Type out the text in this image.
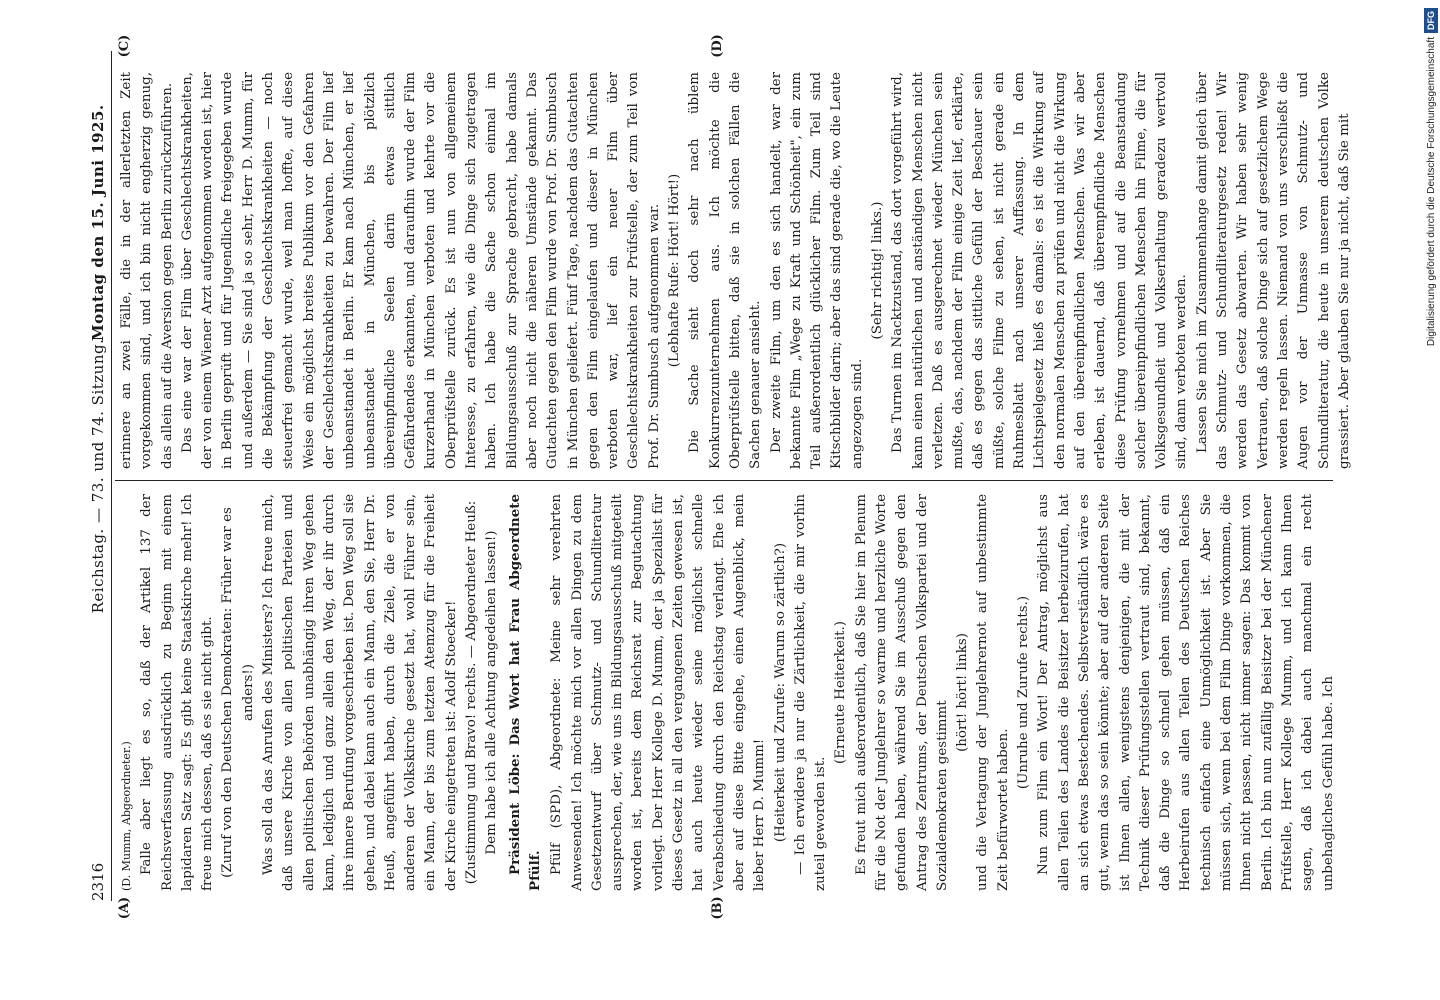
2316
Reichstag. — 73. und 74. Sitzung.
Montag den 15. Juni 1925.
(A)	(B)
(C)	(D)

(D. Mumm, Abgeordneter.) Falle aber liegt es so, daß der Artikel 137 der Reichsverfassung ausdrücklich zu Beginn mit einem lapidaren Satz sagt: Es gibt keine Staatskirche mehr! Ich freue mich dessen, daß es sie nicht gibt. (Zuruf von den Deutschen Demokraten: Früher war es anders!) Was soll da das Anrufen des Ministers? Ich freue mich, daß unsere Kirche von allen politischen Parteien und allen politischen Behörden unabhängig ihren Weg gehen kann, lediglich und ganz allein den Weg, der ihr durch ihre innere Berufung vorgeschrieben ist. Den Weg soll sie gehen, und dabei kann auch ein Mann, den Sie, Herr Dr. Heuß, angeführt haben, durch die Ziele, die er von anderen der Volkskirche gesetzt hat, wohl Führer sein, ein Mann, der bis zum letzten Atemzug für die Freiheit der Kirche eingetreten ist: Adolf Stoecker! (Zustimmung und Bravo! rechts. — Abgeordneter Heuß: Dem habe ich alle Achtung angedeihen lassen!) Präsident Löbe: Das Wort hat Frau Abgeordnete Pfülf. Pfülf (SPD), Abgeordnete: Meine sehr verehrten Anwesenden! Ich möchte mich vor allen Dingen zu dem Gesetzentwurf über Schmutz- und Schundliteratur aussprechen, der, wie uns im Bildungsausschuß mitgeteilt worden ist, bereits dem Reichsrat zur Begutachtung vorliegt. Der Herr Kollege D. Mumm, der ja Spezialist für dieses Gesetz in all den vergangenen Zeiten gewesen ist, hat auch heute wieder seine möglichst schnelle Verabschiedung durch den Reichstag verlangt. Ehe ich aber auf diese Bitte eingehe, einen Augenblick, mein lieber Herr D. Mumm! (Heiterkeit und Zurufe: Warum so zärtlich?) — Ich erwidere ja nur die Zärtlichkeit, die mir vorhin zuteil geworden ist.

(Erneute Heiterkeit.) Es freut mich außerordentlich, daß Sie hier im Plenum für die Not der Junglehrer so warme und herzliche Worte gefunden haben, während Sie im Ausschuß gegen den Antrag des Zentrums, der Deutschen Volkspartei und der Sozialdemokraten gestimmt

(hört! hört! links) und die Vertagung der Junglehrernot auf unbestimmte Zeit befürwortet haben.

(Unruhe und Zurufe rechts.) Nun zum Film ein Wort! Der Antrag, möglichst aus allen Teilen des Landes die Beisitzer herbeizurufen, hat an sich etwas Bestechendes. Selbstverständlich wäre es gut, wenn das so sein könnte; aber auf der anderen Seite ist Ihnen allen, wenigstens denjenigen, die mit der Technik dieser Prüfungsstellen vertraut sind, bekannt, daß die Dinge so schnell gehen müssen, daß ein Herbeirufen aus allen Teilen des Deutschen Reiches technisch einfach eine Unmöglichkeit ist. Aber Sie müssen sich, wenn bei dem Film Dinge vorkommen, die Ihnen nicht passen, nicht immer sagen: Das kommt von Berlin. Ich bin nun zufällig Beisitzer bei der Münchener Prüfstelle, Herr Kollege Mumm, und ich kann Ihnen sagen, daß ich dabei auch manchmal ein recht unbehagliches Gefühl habe. Ich

erinnere an zwei Fälle, die in der allerletzten Zeit vorgekommen sind, und ich bin nicht engherzig genug, das allein auf die Aversion gegen Berlin zurückzuführen. Das eine war der Film über Geschlechtskrankheiten, der von einem Wiener Arzt aufgenommen worden ist, hier in Berlin geprüft und für Jugendliche freigegeben wurde und außerdem — Sie sind ja so sehr, Herr D. Mumm, für die Bekämpfung der Geschlechtskrankheiten — noch steuerfrei gemacht wurde, weil man hoffte, auf diese Weise ein möglichst breites Publikum vor den Gefahren der Geschlechtskrankheiten zu bewahren. Der Film lief unbeanstandet in Berlin. Er kam nach München, er lief unbeanstandet in München, bis plötzlich übereinpfindliche Seelen darin etwas sittlich Gefährdendes erkannten, und daraufhin wurde der Film kurzerhand in München verboten und kehrte vor die Oberprüfstelle zurück. Es ist nun von allgemeinem Interesse, zu erfahren, wie die Dinge sich zugetragen haben. Ich habe die Sache schon einmal im Bildungsausschuß zur Sprache gebracht, habe damals aber noch nicht die näheren Umstände gekannt. Das Gutachten gegen den Film wurde von Prof. Dr. Sumbusch in München geliefert. Fünf Tage, nachdem das Gutachten gegen den Film eingelaufen und dieser in München verboten war, lief ein neuer Film über Geschlechtskrankheiten zur Prüfstelle, der zum Teil von Prof. Dr. Sumbusch aufgenommen war. (Lebhafte Rufe: Hört! Hört!) Die Sache sieht doch sehr nach üblem Konkurrenzunternehmen aus. Ich möchte die Oberprüfstelle bitten, daß sie in solchen Fällen die Sachen genauer ansieht. Der zweite Film, um den es sich handelt, war der bekannte Film „Wege zu Kraft und Schönheit", ein zum Teil außerordentlich glücklicher Film. Zum Teil sind Kitschbilder darin; aber das sind gerade die, wo die Leute angezogen sind.

(Sehr richtig! links.) Das Turnen im Nacktzustand, das dort vorgeführt wird, kann einen natürlichen und anständigen Menschen nicht verletzen. Daß es ausgerechnet wieder München sein mußte, das, nachdem der Film einige Zeit lief, erklärte, daß es gegen das sittliche Gefühl der Beschauer sein müßte, solche Filme zu sehen, ist nicht gerade ein Ruhmesblatt nach unserer Auffassung. In dem Lichtspielgesetz hieß es damals: es ist die Wirkung auf den normalen Menschen zu prüfen und nicht die Wirkung auf den übereinpfindlichen Menschen. Was wir aber erleben, ist dauernd, daß überempfindliche Menschen diese Prüfung vornehmen und auf die Beanstandung solcher übereinpfindlichen Menschen hin Filme, die für Volksgesundheit und Volkserhaltung geradezu wertvoll sind, dann verboten werden. Lassen Sie mich im Zusammenhange damit gleich über das Schmutz- und Schundliteraturgesetz reden! Wir werden das Gesetz abwarten. Wir haben sehr wenig Vertrauen, daß solche Dinge sich auf gesetzlichem Wege werden regeln lassen. Niemand von uns verschließt die Augen vor der Unmasse von Schmutz- und Schundliteratur, die heute in unserem deutschen Volke grassiert. Aber glauben Sie nur ja nicht, daß Sie mit	Digitalisierung gefördert durch die Deutsche Forschungsgemeinschaft
DFG
